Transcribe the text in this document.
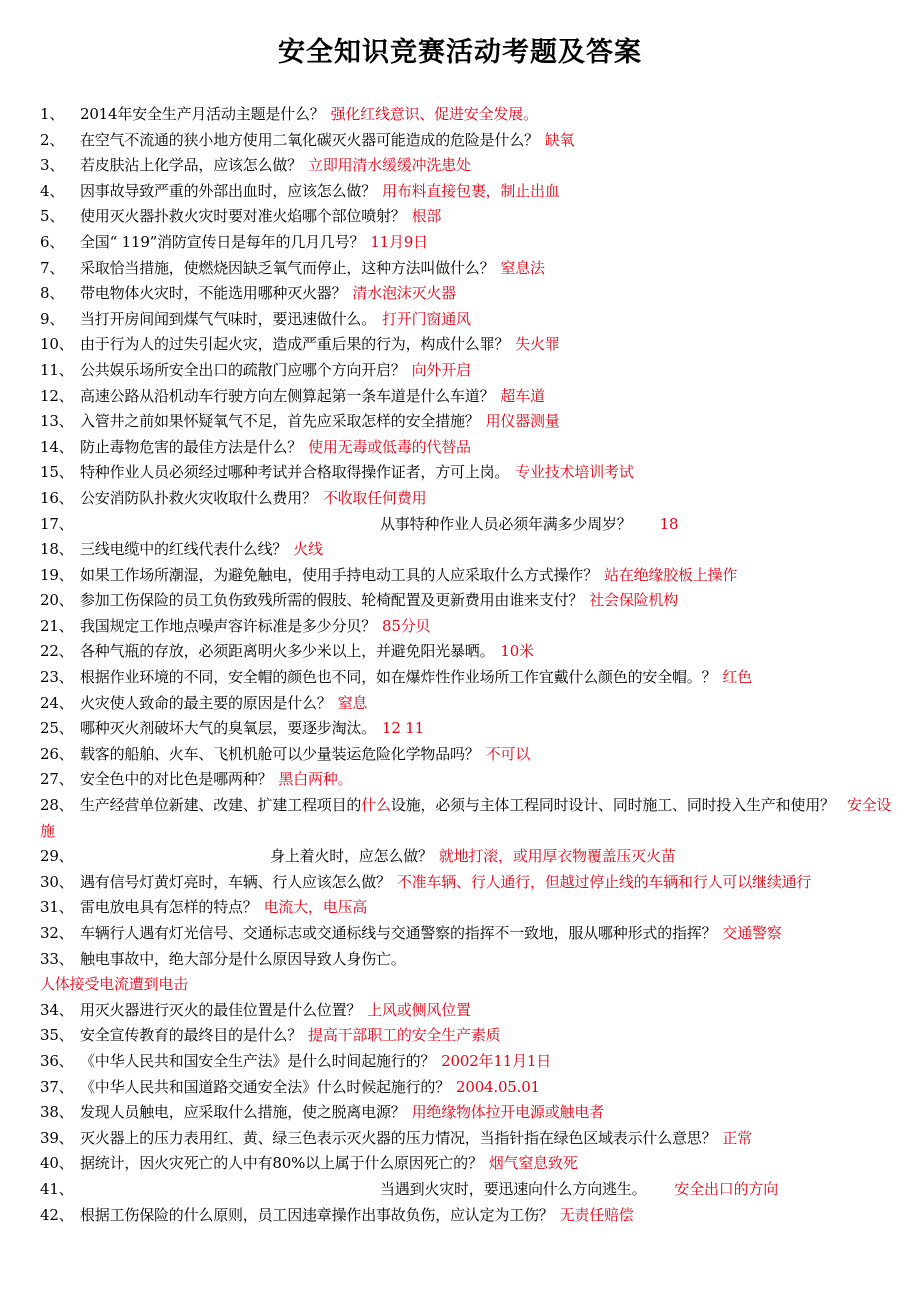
安全知识竞赛活动考题及答案
1、 2014年安全生产月活动主题是什么？ 强化红线意识、促进安全发展。
2、 在空气不流通的狭小地方使用二氧化碳灭火器可能造成的危险是什么？ 缺氧
3、 若皮肤沾上化学品，应该怎么做？ 立即用清水缓缓冲洗患处
4、 因事故导致严重的外部出血时，应该怎么做？ 用布料直接包裹，制止出血
5、 使用灭火器扑救火灾时要对准火焰哪个部位喷射？ 根部
6、 全国“ 119”消防宣传日是每年的几月几号？ 11月9日
7、 采取恰当措施，使燃烧因缺乏氧气而停止，这种方法叫做什么？ 窒息法
8、 带电物体火灾时，不能选用哪种灭火器？ 清水泡沫灭火器
9、 当打开房间闻到煤气气味时，要迅速做什么。 打开门窗通风
10、 由于行为人的过失引起火灾，造成严重后果的行为，构成什么罪？ 失火罪
11、 公共娱乐场所安全出口的疏散门应哪个方向开启？ 向外开启
12、 高速公路从沿机动车行驶方向左侧算起第一条车道是什么车道？ 超车道
13、 入管井之前如果怀疑氧气不足，首先应采取怎样的安全措施？ 用仪器测量
14、 防止毒物危害的最佳方法是什么？ 使用无毒或低毒的代替品
15、 特种作业人员必须经过哪种考试并合格取得操作证者，方可上岗。 专业技术培训考试
16、 公安消防队扑救火灾收取什么费用？ 不收取任何费用
17、	从事特种作业人员必须年满多少周岁？ 18
18、 三线电缆中的红线代表什么线？ 火线
19、 如果工作场所潮湿，为避免触电，使用手持电动工具的人应采取什么方式操作？ 站在绝缘胶板上操作
20、 参加工伤保险的员工负伤致残所需的假肢、轮椅配置及更新费用由谁来支付？ 社会保险机构
21、 我国规定工作地点噪声容许标准是多少分贝？ 85分贝
22、 各种气瓶的存放，必须距离明火多少米以上，并避免阳光暴晒。 10米
23、 根据作业环境的不同，安全帽的颜色也不同，如在爆炸性作业场所工作宜戴什么颜色的安全帽。？ 红色
24、 火灾使人致命的最主要的原因是什么？ 窒息
25、 哪种灭火剂破坏大气的臭氧层，要逐步淘汰。 12 11
26、 载客的船舶、火车、飞机机舱可以少量装运危险化学物品吗？ 不可以
27、 安全色中的对比色是哪两种？ 黑白两种。
28、 生产经营单位新建、改建、扩建工程项目的什么设施，必须与主体工程同时设计、同时施工、同时投入生产和使用？ 安全设施
29、	身上着火时，应怎么做？ 就地打滚，或用厚衣物覆盖压灭火苗
30、 遇有信号灯黄灯亮时，车辆、行人应该怎么做？ 不准车辆、行人通行，但越过停止线的车辆和行人可以继续通行
31、 雷电放电具有怎样的特点？ 电流大，电压高
32、 车辆行人遇有灯光信号、交通标志或交通标线与交通警察的指挥不一致地，服从哪种形式的指挥？ 交通警察
33、 触电事故中，绝大部分是什么原因导致人身伤亡。
人体接受电流遭到电击
34、 用灭火器进行灭火的最佳位置是什么位置？ 上风或侧风位置
35、 安全宣传教育的最终目的是什么？ 提高干部职工的安全生产素质
36、 《中华人民共和国安全生产法》是什么时间起施行的？ 2002年11月1日
37、 《中华人民共和国道路交通安全法》什么时候起施行的？ 2004.05.01
38、 发现人员触电，应采取什么措施，使之脱离电源？ 用绝缘物体拉开电源或触电者
39、 灭火器上的压力表用红、黄、绿三色表示灭火器的压力情况，当指针指在绿色区域表示什么意思？ 正常
40、 据统计，因火灾死亡的人中有80%以上属于什么原因死亡的？ 烟气窒息致死
41、	当遇到火灾时，要迅速向什么方向逃生。 安全出口的方向
42、 根据工伤保险的什么原则，员工因违章操作出事故负伤，应认定为工伤？ 无责任赔偿
